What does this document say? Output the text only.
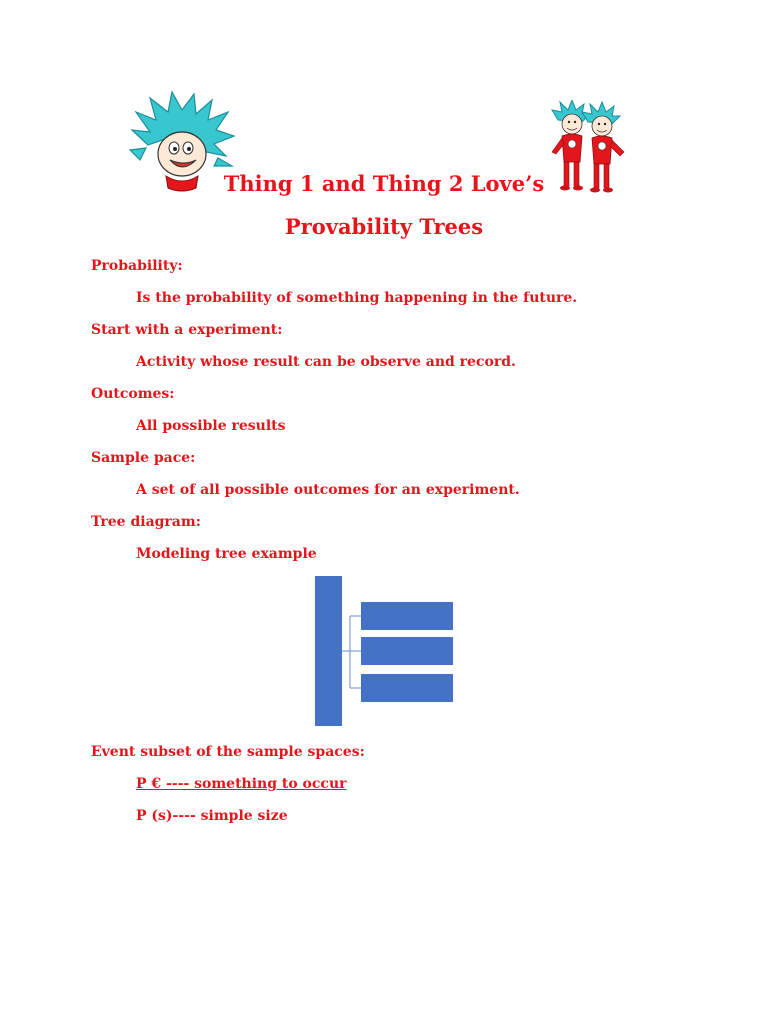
Thing 1 and Thing 2 Love’s
Provability Trees
Probability:
Is the probability of something happening in the future.
Start with a experiment:
Activity whose result can be observe and record.
Outcomes:
All possible results
Sample pace:
A set of all possible outcomes for an experiment.
Tree diagram:
Modeling tree example
Event subset of the sample spaces:
P € ---- something to occur
P (s)---- simple size
